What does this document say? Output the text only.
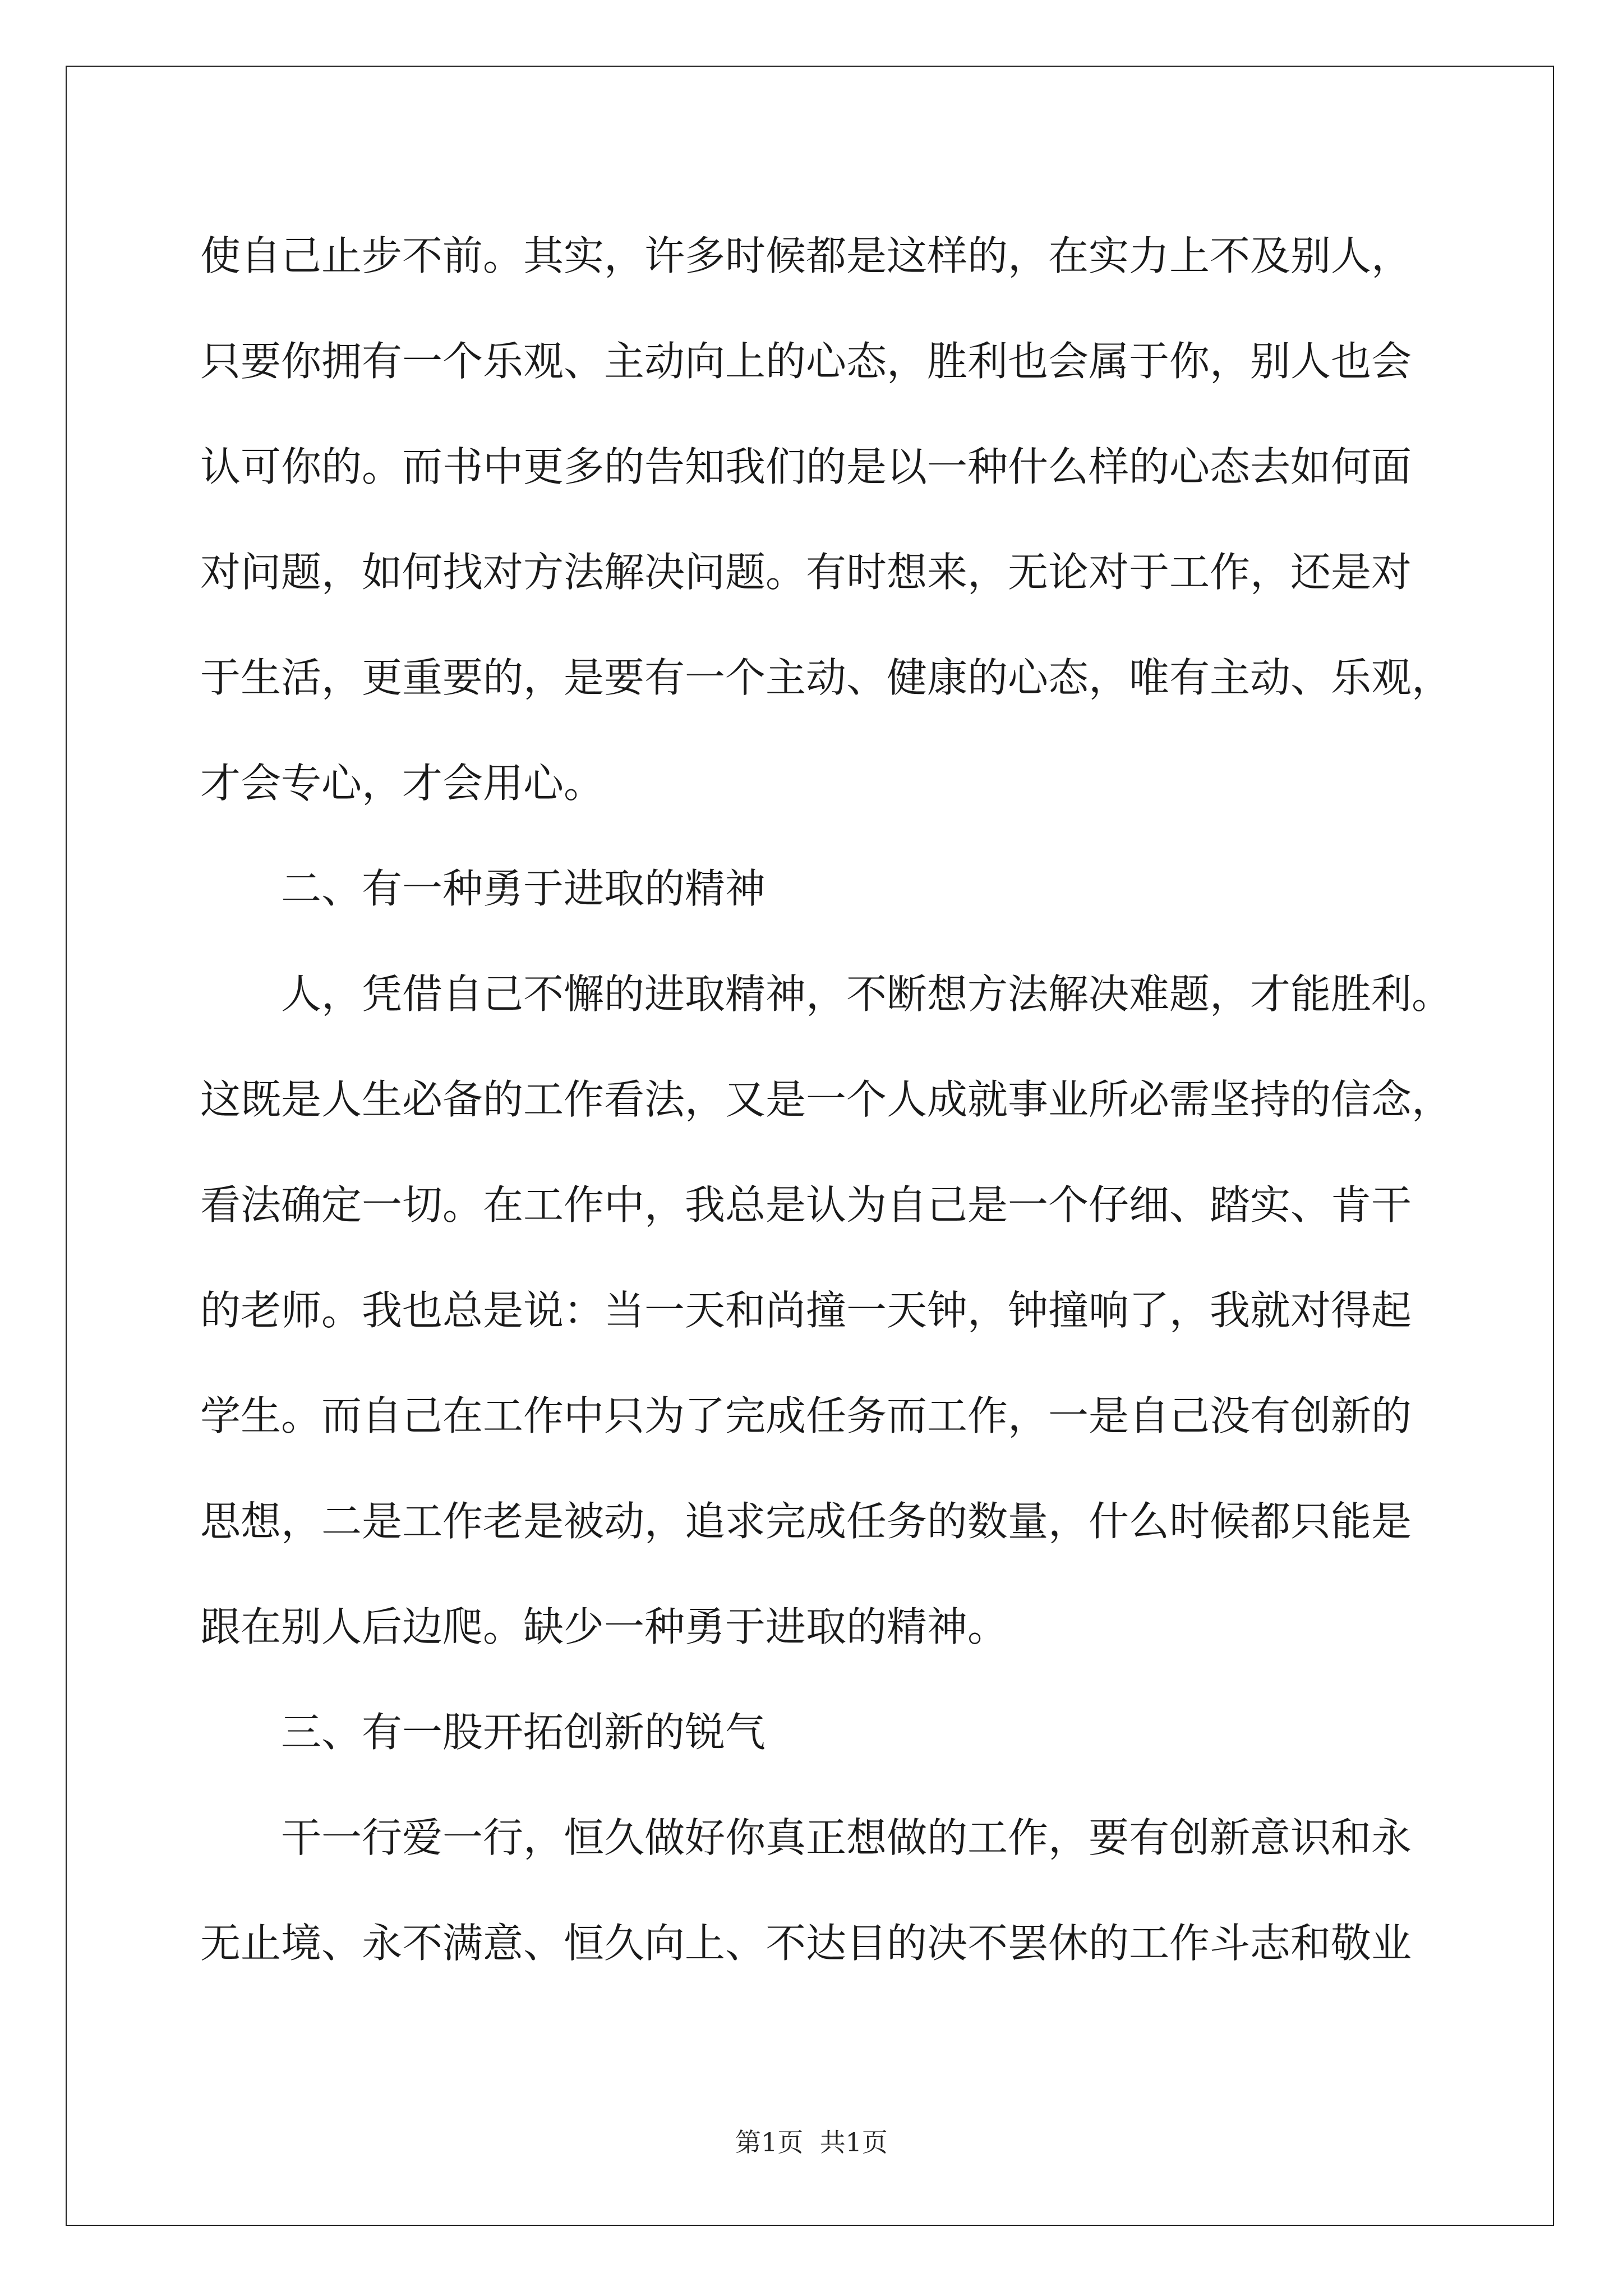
使自己止步不前。其实，许多时候都是这样的，在实力上不及别人，
只要你拥有一个乐观、主动向上的心态，胜利也会属于你，别人也会
认可你的。而书中更多的告知我们的是以一种什么样的心态去如何面
对问题，如何找对方法解决问题。有时想来，无论对于工作，还是对
于生活，更重要的，是要有一个主动、健康的心态，唯有主动、乐观，
才会专心，才会用心。
二、有一种勇于进取的精神
人，凭借自己不懈的进取精神，不断想方法解决难题，才能胜利。
这既是人生必备的工作看法，又是一个人成就事业所必需坚持的信念，
看法确定一切。在工作中，我总是认为自己是一个仔细、踏实、肯干
的老师。我也总是说：当一天和尚撞一天钟，钟撞响了，我就对得起
学生。而自己在工作中只为了完成任务而工作，一是自己没有创新的
思想，二是工作老是被动，追求完成任务的数量，什么时候都只能是
跟在别人后边爬。缺少一种勇于进取的精神。
三、有一股开拓创新的锐气
干一行爱一行，恒久做好你真正想做的工作，要有创新意识和永
无止境、永不满意、恒久向上、不达目的决不罢休的工作斗志和敬业
第1页  共1页
